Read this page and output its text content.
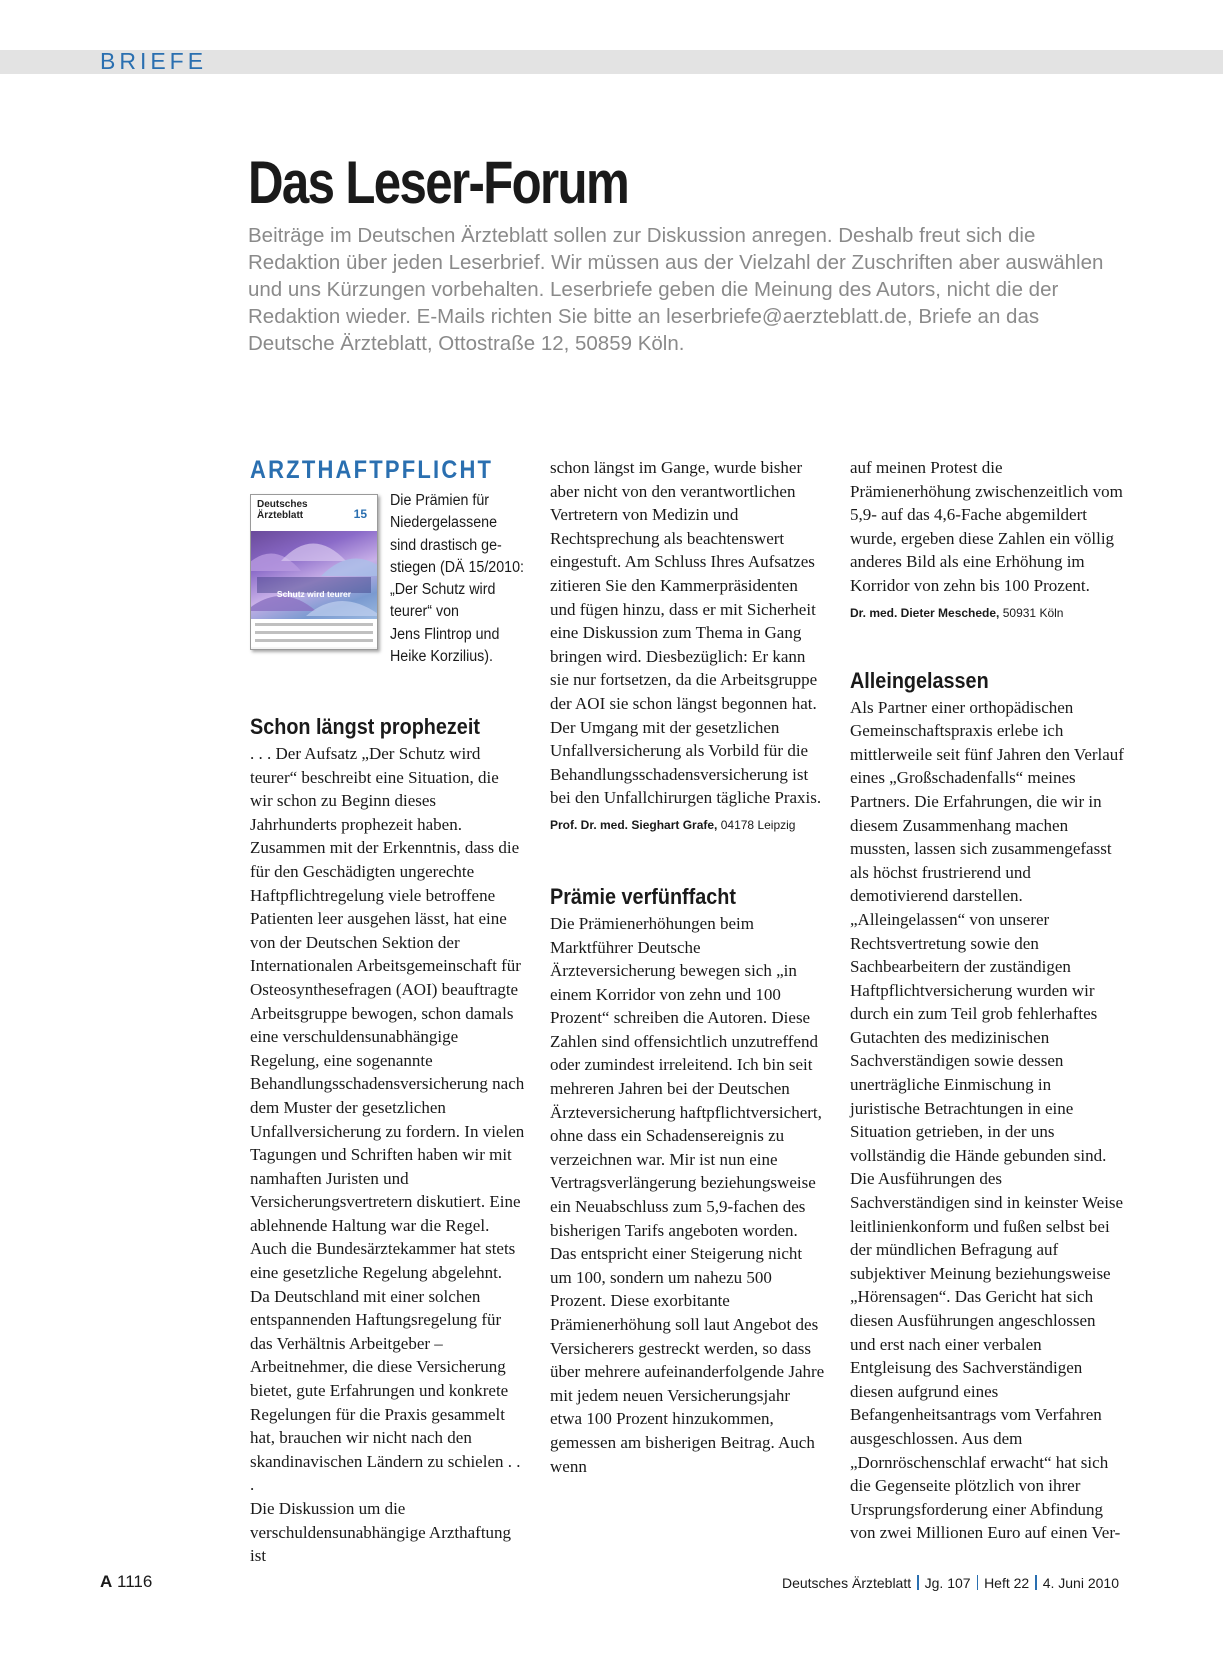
BRIEFE
Das Leser-Forum

Beiträge im Deutschen Ärzteblatt sollen zur Diskussion anregen. Deshalb freut sich die Redaktion über jeden Leserbrief. Wir müssen aus der Vielzahl der Zuschriften aber auswählen und uns Kürzungen vorbehalten. Leserbriefe geben die Meinung des Autors, nicht die der Redaktion wieder. E-Mails richten Sie bitte an leserbriefe@aerzteblatt.de, Briefe an das Deutsche Ärzteblatt, Ottostraße 12, 50859 Köln.

ARZTHAFTPFLICHT
Deutsches Ärzteblatt	15
Schutz wird teurer
Die Prämien für
Niedergelassene
sind drastisch ge-
stiegen (DÄ 15/2010:
„Der Schutz wird
teurer“ von
Jens Flintrop und
Heike Korzilius).
Schon längst prophezeit

. . . Der Aufsatz „Der Schutz wird teurer“ beschreibt eine Situation, die wir schon zu Beginn dieses Jahrhunderts prophezeit haben. Zusammen mit der Erkenntnis, dass die für den Geschädigten ungerechte Haftpflichtregelung viele betroffene Patienten leer ausgehen lässt, hat eine von der Deutschen Sektion der Internationalen Arbeitsgemeinschaft für Osteosynthesefragen (AOI) beauftragte Arbeitsgruppe bewogen, schon damals eine verschuldensunabhängige Regelung, eine sogenannte Behandlungsschadensversicherung nach dem Muster der gesetzlichen Unfallversicherung zu fordern. In vielen Tagungen und Schriften haben wir mit namhaften Juristen und Versicherungsvertretern diskutiert. Eine ablehnende Haltung war die Regel. Auch die Bundesärztekammer hat stets eine gesetzliche Regelung abgelehnt. Da Deutschland mit einer solchen entspannenden Haftungsregelung für das Verhältnis Arbeitgeber – Arbeitnehmer, die diese Versicherung bietet, gute Erfahrungen und konkrete Regelungen für die Praxis gesammelt hat, brauchen wir nicht nach den skandinavischen Ländern zu schielen . . .

Die Diskussion um die verschuldensunabhängige Arzthaftung ist

schon längst im Gange, wurde bisher aber nicht von den verantwortlichen Vertretern von Medizin und Rechtsprechung als beachtenswert eingestuft. Am Schluss Ihres Aufsatzes zitieren Sie den Kammerpräsidenten und fügen hinzu, dass er mit Sicherheit eine Diskussion zum Thema in Gang bringen wird. Diesbezüglich: Er kann sie nur fortsetzen, da die Arbeitsgruppe der AOI sie schon längst begonnen hat. Der Umgang mit der gesetzlichen Unfallversicherung als Vorbild für die Behandlungsschadensversicherung ist bei den Unfallchirurgen tägliche Praxis.

Prof. Dr. med. Sieghart Grafe, 04178 Leipzig

Prämie verfünffacht

Die Prämienerhöhungen beim Marktführer Deutsche Ärzteversicherung bewegen sich „in einem Korridor von zehn und 100 Prozent“ schreiben die Autoren. Diese Zahlen sind offensichtlich unzutreffend oder zumindest irreleitend. Ich bin seit mehreren Jahren bei der Deutschen Ärzteversicherung haftpflichtversichert, ohne dass ein Schadensereignis zu verzeichnen war. Mir ist nun eine Vertragsverlängerung beziehungsweise ein Neuabschluss zum 5,9-fachen des bisherigen Tarifs angeboten worden. Das entspricht einer Steigerung nicht um 100, sondern um nahezu 500 Prozent. Diese exorbitante Prämienerhöhung soll laut Angebot des Versicherers gestreckt werden, so dass über mehrere aufeinanderfolgende Jahre mit jedem neuen Versicherungsjahr etwa 100 Prozent hinzukommen, gemessen am bisherigen Beitrag. Auch wenn

auf meinen Protest die Prämienerhöhung zwischenzeitlich vom 5,9- auf das 4,6-Fache abgemildert wurde, ergeben diese Zahlen ein völlig anderes Bild als eine Erhöhung im Korridor von zehn bis 100 Prozent.

Dr. med. Dieter Meschede, 50931 Köln

Alleingelassen

Als Partner einer orthopädischen Gemeinschaftspraxis erlebe ich mittlerweile seit fünf Jahren den Verlauf eines „Großschadenfalls“ meines Partners. Die Erfahrungen, die wir in diesem Zusammenhang machen mussten, lassen sich zusammengefasst als höchst frustrierend und demotivierend darstellen. „Alleingelassen“ von unserer Rechtsvertretung sowie den Sachbearbeitern der zuständigen Haftpflichtversicherung wurden wir durch ein zum Teil grob fehlerhaftes Gutachten des medizinischen Sachverständigen sowie dessen unerträgliche Einmischung in juristische Betrachtungen in eine Situation getrieben, in der uns vollständig die Hände gebunden sind. Die Ausführungen des Sachverständigen sind in keinster Weise leitlinienkonform und fußen selbst bei der mündlichen Befragung auf subjektiver Meinung beziehungsweise „Hörensagen“. Das Gericht hat sich diesen Ausführungen angeschlossen und erst nach einer verbalen Entgleisung des Sachverständigen diesen aufgrund eines Befangenheitsantrags vom Verfahren ausgeschlossen. Aus dem „Dornröschenschlaf erwacht“ hat sich die Gegenseite plötzlich von ihrer Ursprungsforderung einer Abfindung von zwei Millionen Euro auf einen Ver-

A 1116	Deutsches Ärzteblatt Jg. 107 Heft 22 4. Juni 2010
